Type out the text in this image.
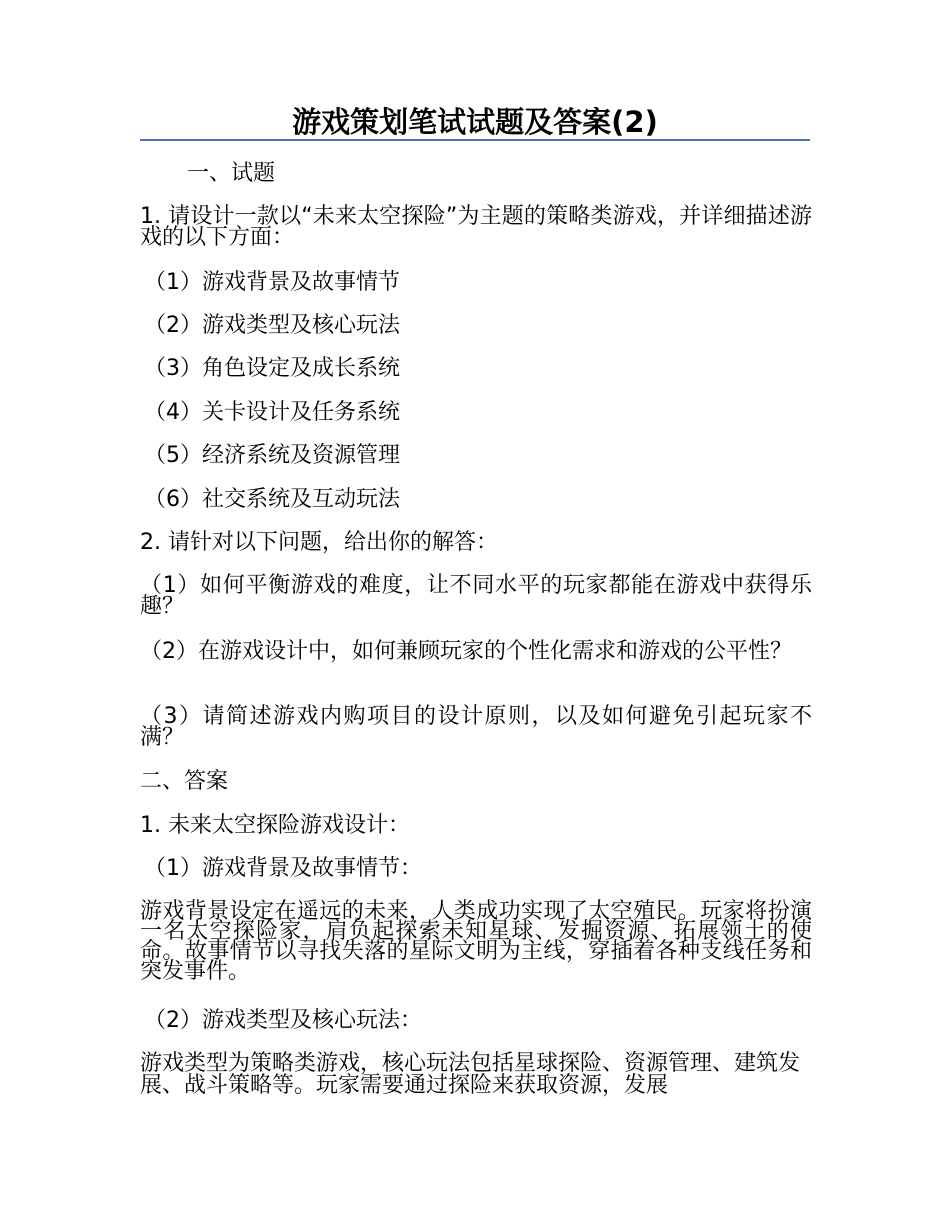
游戏策划笔试试题及答案(2)
一、试题
1. 请设计一款以“未来太空探险”为主题的策略类游戏，并详细描述游戏的以下方面：
（1）游戏背景及故事情节
（2）游戏类型及核心玩法
（3）角色设定及成长系统
（4）关卡设计及任务系统
（5）经济系统及资源管理
（6）社交系统及互动玩法
2. 请针对以下问题，给出你的解答：
（1）如何平衡游戏的难度，让不同水平的玩家都能在游戏中获得乐趣？
（2）在游戏设计中，如何兼顾玩家的个性化需求和游戏的公平性？
（3）请简述游戏内购项目的设计原则，以及如何避免引起玩家不满？
二、答案
1. 未来太空探险游戏设计：
（1）游戏背景及故事情节：
游戏背景设定在遥远的未来，人类成功实现了太空殖民。玩家将扮演一名太空探险家，肩负起探索未知星球、发掘资源、拓展领土的使命。故事情节以寻找失落的星际文明为主线，穿插着各种支线任务和突发事件。
（2）游戏类型及核心玩法：
游戏类型为策略类游戏，核心玩法包括星球探险、资源管理、建筑发展、战斗策略等。玩家需要通过探险来获取资源，发展
